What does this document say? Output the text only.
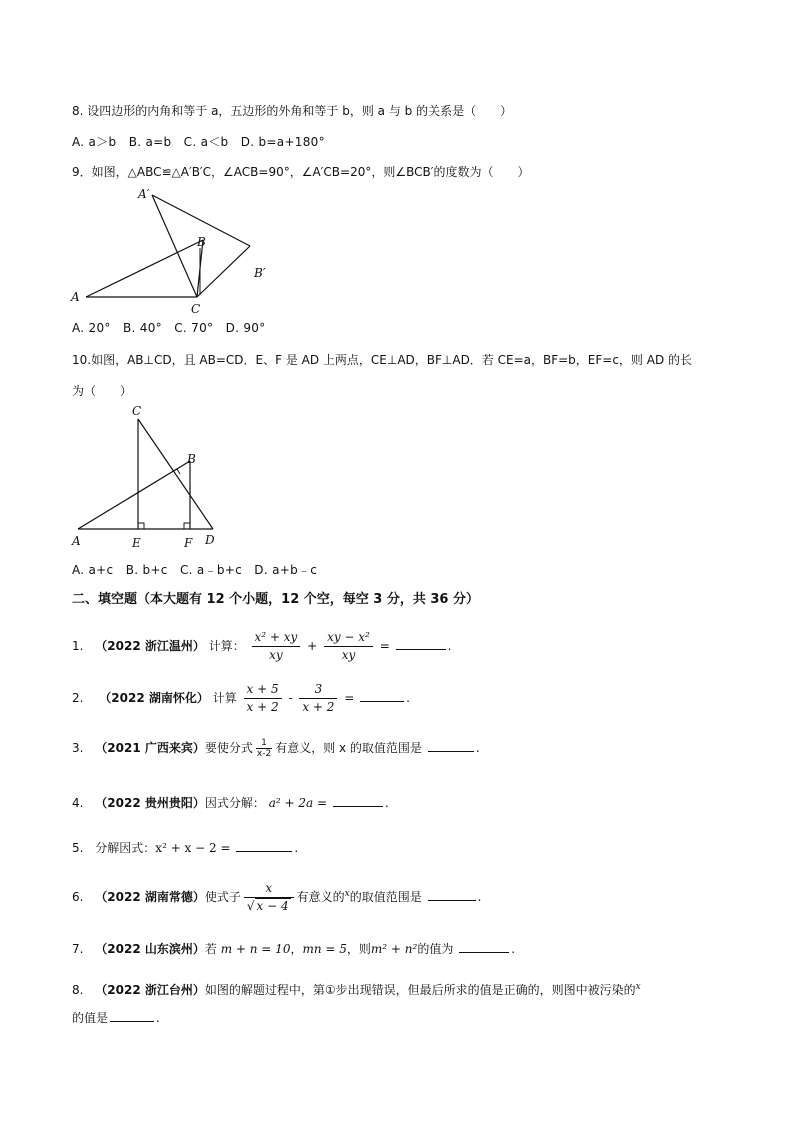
8. 设四边形的内角和等于 a，五边形的外角和等于 b，则 a 与 b 的关系是（　　）
A. a＞b　B. a=b　C. a＜b　D. b=a+180°
9．如图，△ABC≌△A′B′C，∠ACB=90°，∠A′CB=20°，则∠BCB′的度数为（　　）
A′
B
B′
A
C
A. 20°　B. 40°　C. 70°　D. 90°
10.如图，AB⊥CD，且 AB=CD．E、F 是 AD 上两点，CE⊥AD，BF⊥AD．若 CE=a，BF=b，EF=c，则 AD 的长
为（　　）
C
B
A	E	F D
A. a+c　B. b+c　C. a﹣b+c　D. a+b﹣c
二、填空题（本大题有 12 个小题，12 个空，每空 3 分，共 36 分）
1. （2022 浙江温州） 计算： $\frac{\text{x² + xy}}{xy} + \frac{\text{xy − x²}}{xy}$ =	.
2. （2022 湖南怀化） 计算 $\frac{x + 5}{x + 2} - \frac{3}{x + 2}$ =	.
3. （2021 广西来宾）要使分式 $\frac{1}{x-2}$ 有意义，则 x 的取值范围是	.
4. （2022 贵州贵阳）因式分解： a² + 2a =	.
5. 分解因式：x² + x − 2 =	.
6. （2022 湖南常德）使式子 $\frac{x}{√ x - 4}$ 有意义的$^x$的取值范围是	.
7. （2022 山东滨州）若 m + n = 10，mn = 5，则m² + n²的值为	.
8. （2022 浙江台州）如图的解题过程中，第①步出现错误，但最后所求的值是正确的，则图中被污染的$^x$
的值是	.
